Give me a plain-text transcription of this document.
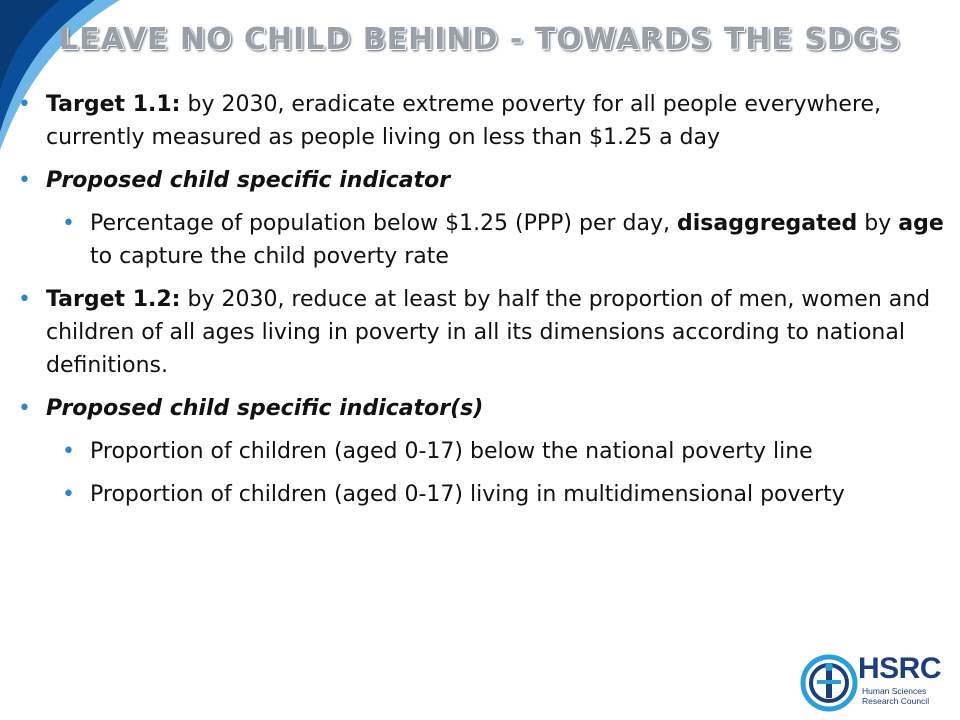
LEAVE NO CHILD BEHIND - TOWARDS THE SDGS
• Target 1.1: by 2030, eradicate extreme poverty for all people everywhere, currently measured as people living on less than $1.25 a day
• Proposed child specific indicator
• Percentage of population below $1.25 (PPP) per day, disaggregated by age to capture the child poverty rate
• Target 1.2: by 2030, reduce at least by half the proportion of men, women and children of all ages living in poverty in all its dimensions according to national definitions.
• Proposed child specific indicator(s)
• Proportion of children (aged 0-17) below the national poverty line
• Proportion of children (aged 0-17) living in multidimensional poverty
HSRC
Human Sciences
Research Council
